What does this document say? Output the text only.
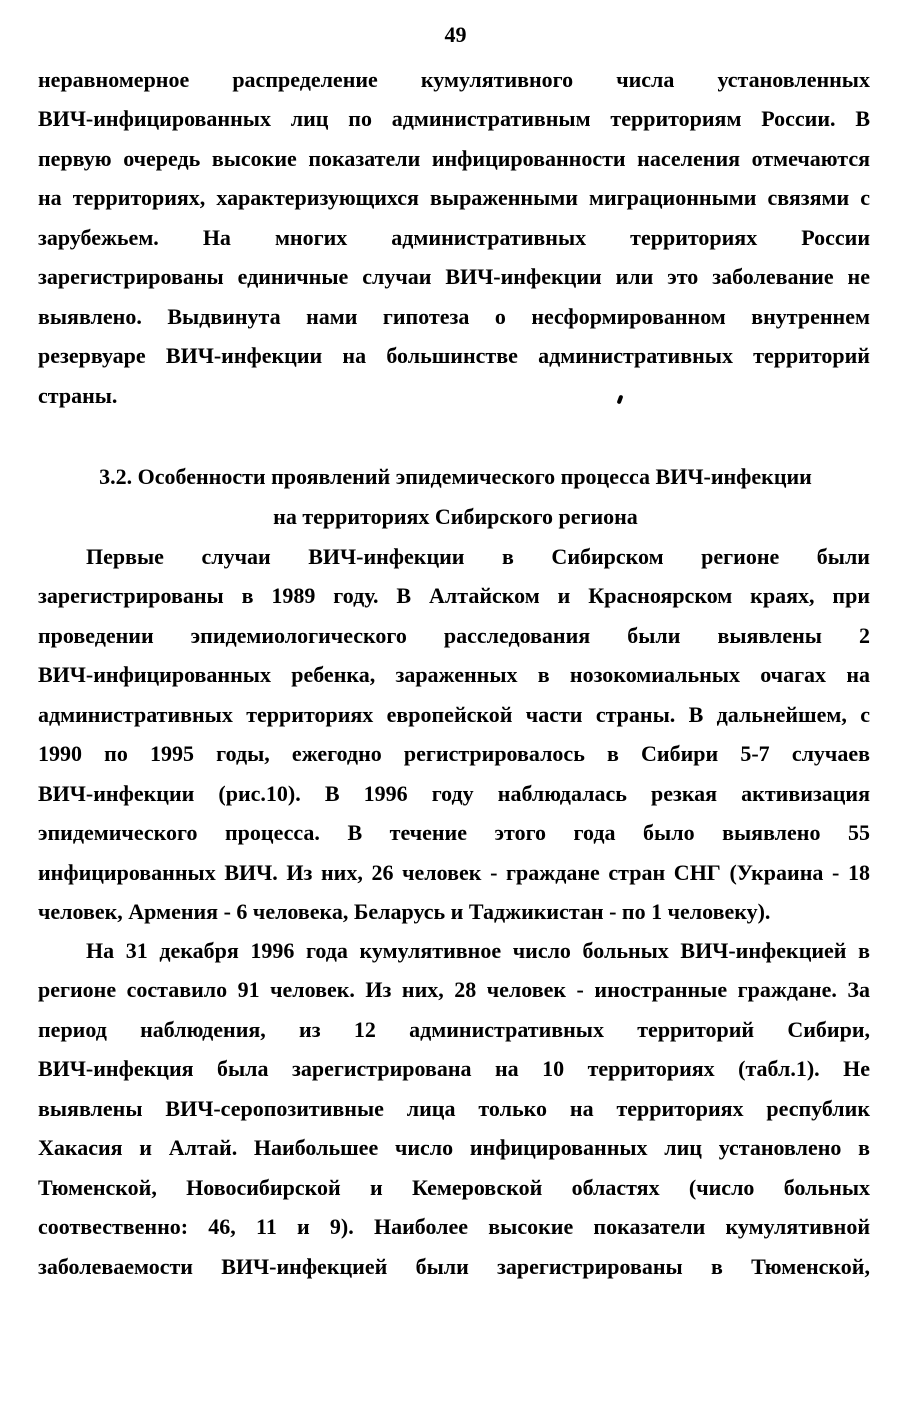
49
неравномерное распределение кумулятивного числа установленных
ВИЧ-инфицированных лиц по административным территориям России. В
первую очередь высокие показатели инфицированности населения отмечаются
на территориях, характеризующихся выраженными миграционными связями с
зарубежьем. На многих административных территориях России
зарегистрированы единичные случаи ВИЧ-инфекции или это заболевание не
выявлено. Выдвинута нами гипотеза о несформированном внутреннем
резервуаре ВИЧ-инфекции на большинстве административных территорий
страны.
3.2. Особенности проявлений эпидемического процесса ВИЧ-инфекции
на территориях Сибирского региона
Первые случаи ВИЧ-инфекции в Сибирском регионе были
зарегистрированы в 1989 году. В Алтайском и Красноярском краях, при
проведении эпидемиологического расследования были выявлены 2
ВИЧ-инфицированных ребенка, зараженных в нозокомиальных очагах на
административных территориях европейской части страны. В дальнейшем, с
1990 по 1995 годы, ежегодно регистрировалось в Сибири 5-7 случаев
ВИЧ-инфекции (рис.10). В 1996 году наблюдалась резкая активизация
эпидемического процесса. В течение этого года было выявлено 55
инфицированных ВИЧ. Из них, 26 человек - граждане стран СНГ (Украина - 18
человек, Армения - 6 человека, Беларусь и Таджикистан - по 1 человеку).
На 31 декабря 1996 года кумулятивное число больных ВИЧ-инфекцией в
регионе составило 91 человек. Из них, 28 человек - иностранные граждане. За
период наблюдения, из 12 административных территорий Сибири,
ВИЧ-инфекция была зарегистрирована на 10 территориях (табл.1). Не
выявлены ВИЧ-серопозитивные лица только на территориях республик
Хакасия и Алтай. Наибольшее число инфицированных лиц установлено в
Тюменской, Новосибирской и Кемеровской областях (число больных
соотвественно: 46, 11 и 9). Наиболее высокие показатели кумулятивной
заболеваемости ВИЧ-инфекцией были зарегистрированы в Тюменской,
